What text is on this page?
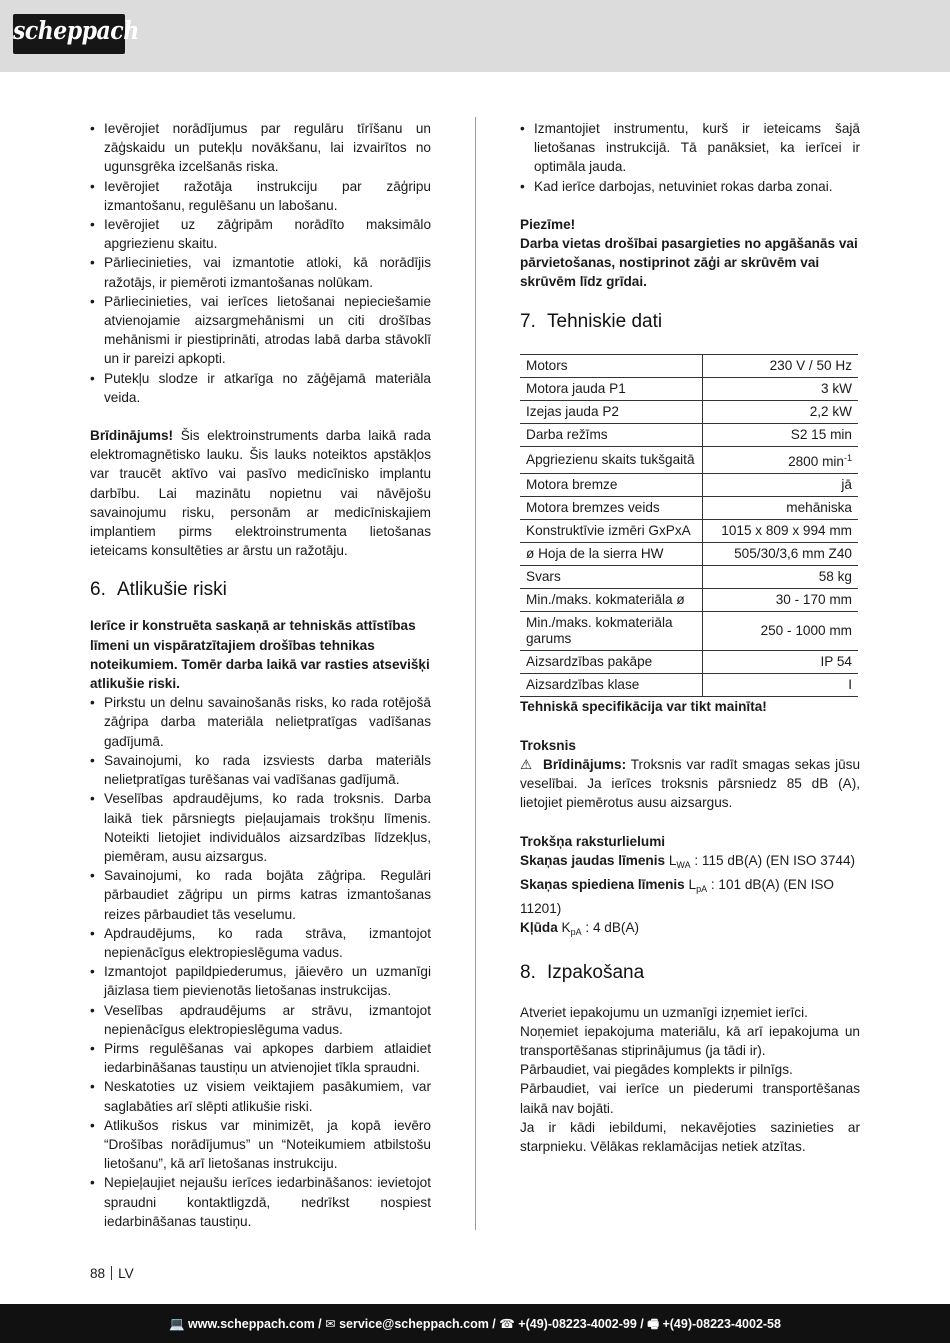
scheppach
• Ievērojiet norādījumus par regulāru tīrīšanu un zāģskaidu un putekļu novākšanu, lai izvairītos no ugunsgrēka izcelšanās riska.
• Ievērojiet ražotāja instrukciju par zāģripu izmantošanu, regulēšanu un labošanu.
• Ievērojiet uz zāģripām norādīto maksimālo apgriezienu skaitu.
• Pārliecinieties, vai izmantotie atloki, kā norādījis ražotājs, ir piemēroti izmantošanas nolūkam.
• Pārliecinieties, vai ierīces lietošanai nepieciešamie atvienojamie aizsargmehānismi un citi drošības mehānismi ir piestiprināti, atrodas labā darba stāvoklī un ir pareizi apkopti.
• Putekļu slodze ir atkarīga no zāģējamā materiāla veida.

Brīdinājums! Šis elektroinstruments darba laikā rada elektromagnētisko lauku. Šis lauks noteiktos apstākļos var traucēt aktīvo vai pasīvo medicīnisko implantu darbību. Lai mazinātu nopietnu vai nāvējošu savainojumu risku, personām ar medicīniskajiem implantiem pirms elektroinstrumenta lietošanas ieteicams konsultēties ar ārstu un ražotāju.

6. Atlikušie riski

Ierīce ir konstruēta saskaņā ar tehniskās attīstības līmeni un vispāratzītajiem drošības tehnikas noteikumiem. Tomēr darba laikā var rasties atsevišķi atlikušie riski.

• Pirkstu un delnu savainošanās risks, ko rada rotējošā zāģripa darba materiāla nelietpratīgas vadīšanas gadījumā.
• Savainojumi, ko rada izsviests darba materiāls nelietpratīgas turēšanas vai vadīšanas gadījumā.
• Veselības apdraudējums, ko rada troksnis. Darba laikā tiek pārsniegts pieļaujamais trokšņu līmenis. Noteikti lietojiet individuālos aizsardzības līdzekļus, piemēram, ausu aizsargus.
• Savainojumi, ko rada bojāta zāģripa. Regulāri pārbaudiet zāģripu un pirms katras izmantošanas reizes pārbaudiet tās veselumu.
• Apdraudējums, ko rada strāva, izmantojot nepienācīgus elektropieslēguma vadus.
• Izmantojot papildpiederumus, jāievēro un uzmanīgi jāizlasa tiem pievienotās lietošanas instrukcijas.
• Veselības apdraudējums ar strāvu, izmantojot nepienācīgus elektropieslēguma vadus.
• Pirms regulēšanas vai apkopes darbiem atlaidiet iedarbināšanas taustiņu un atvienojiet tīkla spraudni.
• Neskatoties uz visiem veiktajiem pasākumiem, var saglabāties arī slēpti atlikušie riski.
• Atlikušos riskus var minimizēt, ja kopā ievēro “Drošības norādījumus” un “Noteikumiem atbilstošu lietošanu”, kā arī lietošanas instrukciju.
• Nepieļaujiet nejaušu ierīces iedarbināšanos: ievietojot spraudni kontaktligzdā, nedrīkst nospiest iedarbināšanas taustiņu.
• Izmantojiet instrumentu, kurš ir ieteicams šajā lietošanas instrukcijā. Tā panāksiet, ka ierīcei ir optimāla jauda.
• Kad ierīce darbojas, netuviniet rokas darba zonai.

Piezīme!

Darba vietas drošībai pasargieties no apgāšanās vai pārvietošanas, nostiprinot zāģi ar skrūvēm vai skrūvēm līdz grīdai.

7. Tehniskie dati
Motors	230 V / 50 Hz
Motora jauda P1	3 kW
Izejas jauda P2	2,2 kW
Darba režīms	S2 15 min
Apgriezienu skaits tukšgaitā	2800 $\min^{-1}$
Motora bremze	jā
Motora bremzes veids	mehāniska
Konstruktīvie izmēri GxPxA	1015 x 809 x 994 mm
ø Hoja de la sierra HW	505/30/3,6 mm Z40
Svars	58 kg
Min./maks. kokmateriāla ø	30 - 170 mm
Min./maks. kokmateriāla garums	250 - 1000 mm
Aizsardzības pakāpe	IP 54
Aizsardzības klase	I

Tehniskā specifikācija var tikt mainīta!

Troksnis

⚠ Brīdinājums: Troksnis var radīt smagas sekas jūsu veselībai. Ja ierīces troksnis pārsniedz 85 dB (A), lietojiet piemērotus ausu aizsargus.

Trokšņa raksturlielumi

Skaņas jaudas līmenis $L_{WA}$ : 115 dB(A) (EN ISO 3744)

Skaņas spiediena līmenis $L_{pA}$ : 101 dB(A) (EN ISO 11201)

Kļūda $K_{pA}$ : 4 dB(A)

8. Izpakošana

Atveriet iepakojumu un uzmanīgi izņemiet ierīci.

Noņemiet iepakojuma materiālu, kā arī iepakojuma un transportēšanas stiprinājumus (ja tādi ir).

Pārbaudiet, vai piegādes komplekts ir pilnīgs.

Pārbaudiet, vai ierīce un piederumi transportēšanas laikā nav bojāti.

Ja ir kādi iebildumi, nekavējoties sazinieties ar starpnieku. Vēlākas reklamācijas netiek atzītas.

88 LV
💻 www.scheppach.com / ✉ service@scheppach.com / ☎ +(49)-08223-4002-99 / 🖷 +(49)-08223-4002-58
